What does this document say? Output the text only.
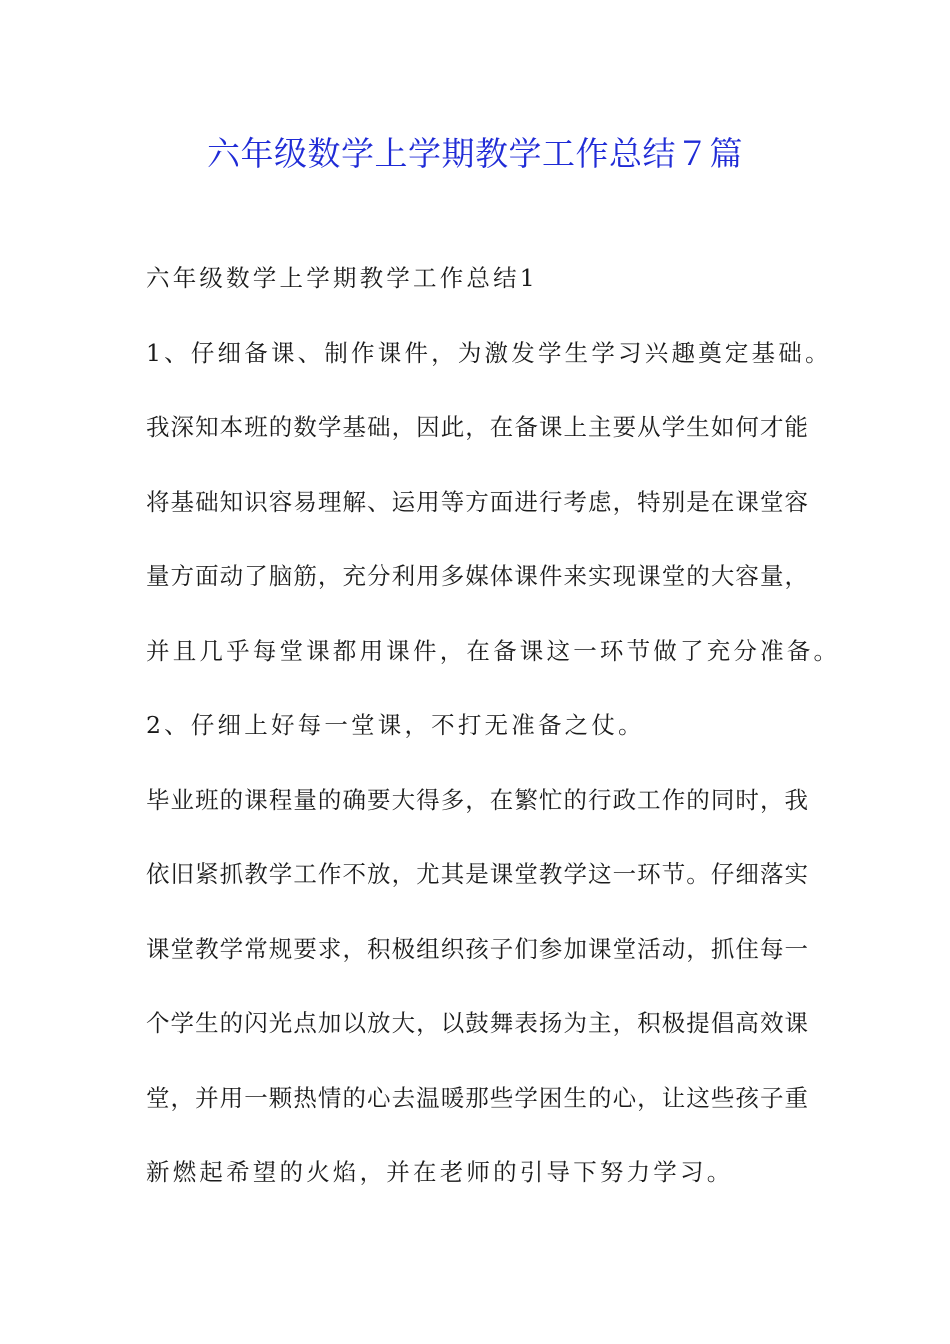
六年级数学上学期教学工作总结７篇

六年级数学上学期教学工作总结1

1、仔细备课、制作课件，为激发学生学习兴趣奠定基础。

我深知本班的数学基础，因此，在备课上主要从学生如何才能

将基础知识容易理解、运用等方面进行考虑，特别是在课堂容

量方面动了脑筋，充分利用多媒体课件来实现课堂的大容量，

并且几乎每堂课都用课件，在备课这一环节做了充分准备。

2、仔细上好每一堂课，不打无准备之仗。

毕业班的课程量的确要大得多，在繁忙的行政工作的同时，我

依旧紧抓教学工作不放，尤其是课堂教学这一环节。仔细落实

课堂教学常规要求，积极组织孩子们参加课堂活动，抓住每一

个学生的闪光点加以放大，以鼓舞表扬为主，积极提倡高效课

堂，并用一颗热情的心去温暖那些学困生的心，让这些孩子重

新燃起希望的火焰，并在老师的引导下努力学习。
